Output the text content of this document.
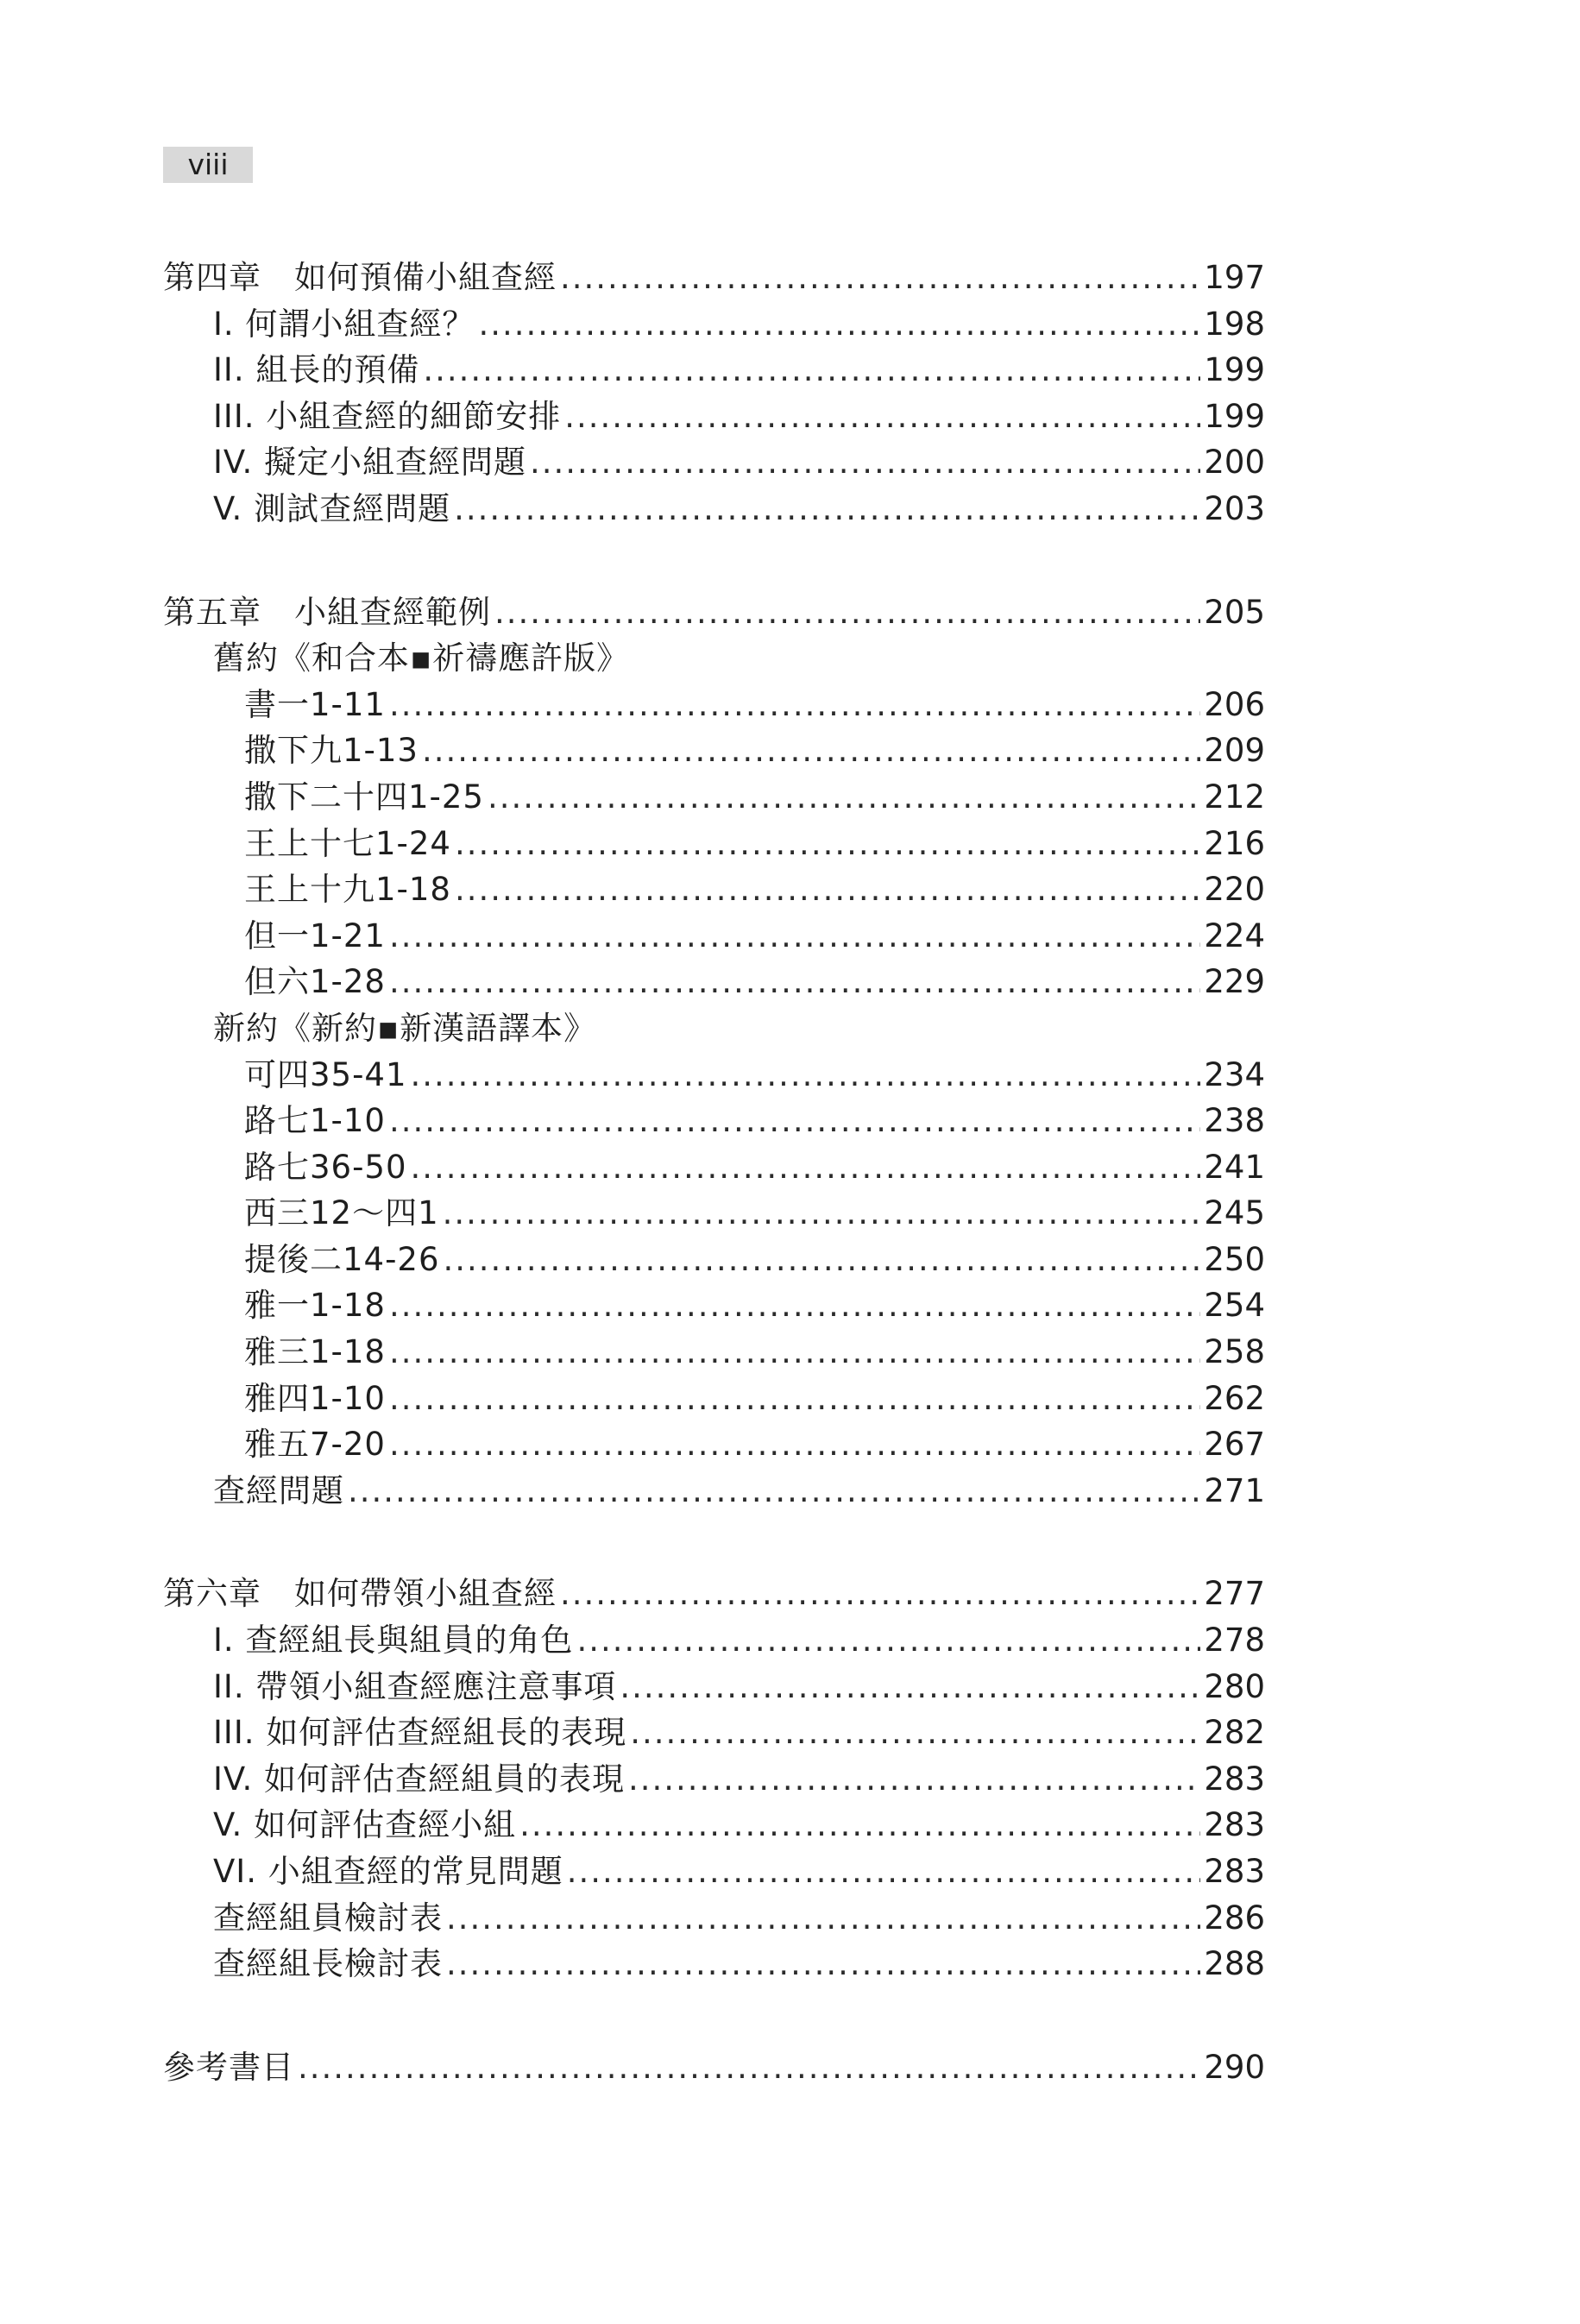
viii
第四章　如何預備小組查經 .....	197
I. 何謂小組查經？ .....	198
II. 組長的預備 .....	199
III. 小組查經的細節安排 .....	199
IV. 擬定小組查經問題 .....	200
V. 測試查經問題 .....	203
第五章　小組查經範例 .....	205
舊約《和合本▪祈禱應許版》
書一1-11 .....	206
撒下九1-13 .....	209
撒下二十四1-25 .....	212
王上十七1-24 .....	216
王上十九1-18 .....	220
但一1-21 .....	224
但六1-28 .....	229
新約《新約▪新漢語譯本》
可四35-41 .....	234
路七1-10 .....	238
路七36-50 .....	241
西三12～四1 .....	245
提後二14-26 .....	250
雅一1-18 .....	254
雅三1-18 .....	258
雅四1-10 .....	262
雅五7-20 .....	267
查經問題 .....	271
第六章　如何帶領小組查經 .....	277
I. 查經組長與組員的角色 .....	278
II. 帶領小組查經應注意事項 .....	280
III. 如何評估查經組長的表現 .....	282
IV. 如何評估查經組員的表現 .....	283
V. 如何評估查經小組 .....	283
VI. 小組查經的常見問題 .....	283
查經組員檢討表 .....	286
查經組長檢討表 .....	288
參考書目 .....	290
